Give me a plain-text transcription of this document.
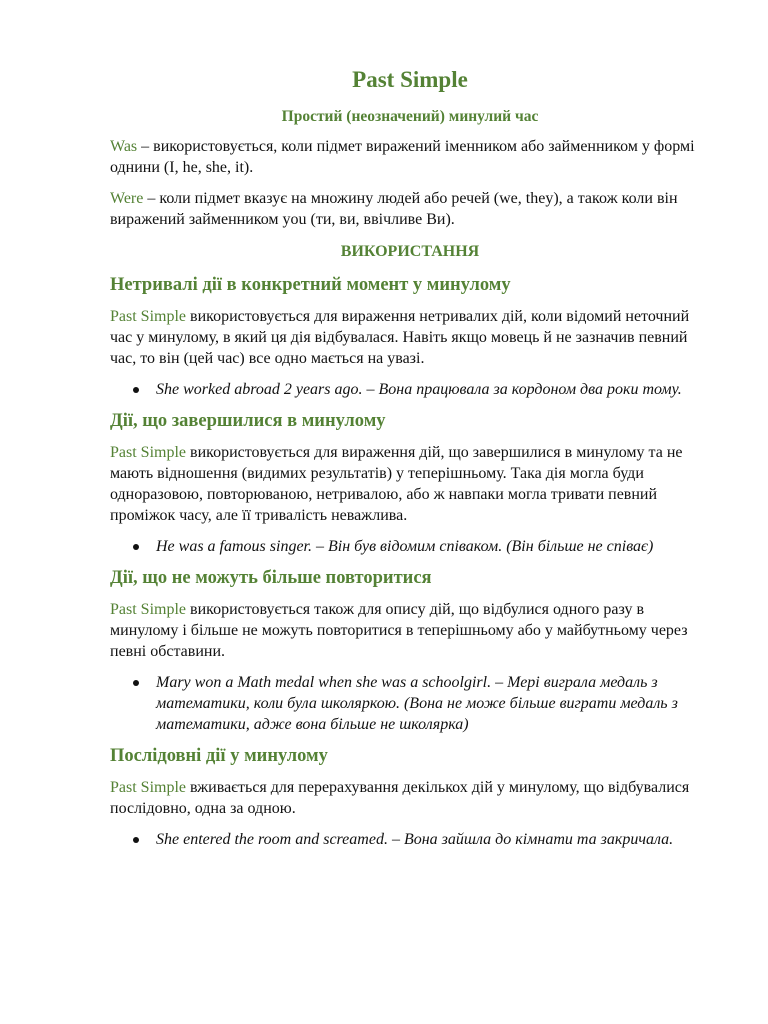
Past Simple
Простий (неозначений) минулий час

Was – використовується, коли підмет виражений іменником або займенником у формі однини (I, he, she, it).

Were – коли підмет вказує на множину людей або речей (we, they), а також коли він виражений займенником you (ти, ви, ввічливе Ви).

ВИКОРИСТАННЯ
Нетривалі дії в конкретний момент у минулому

Past Simple використовується для вираження нетривалих дій, коли відомий неточний час у минулому, в який ця дія відбувалася. Навіть якщо мовець й не зазначив певний час, то він (цей час) все одно мається на увазі.

She worked abroad 2 years ago. – Вона працювала за кордоном два роки тому.
Дії, що завершилися в минулому

Past Simple використовується для вираження дій, що завершилися в минулому та не мають відношення (видимих результатів) у теперішньому. Така дія могла буди одноразовою, повторюваною, нетривалою, або ж навпаки могла тривати певний проміжок часу, але її тривалість неважлива.

He was a famous singer. – Він був відомим співаком. (Він більше не співає)
Дії, що не можуть більше повторитися

Past Simple використовується також для опису дій, що відбулися одного разу в минулому і більше не можуть повторитися в теперішньому або у майбутньому через певні обставини.

Mary won a Math medal when she was a schoolgirl. – Мері виграла медаль з математики, коли була школяркою. (Вона не може більше виграти медаль з математики, адже вона більше не школярка)
Послідовні дії у минулому

Past Simple вживається для перерахування декількох дій у минулому, що відбувалися послідовно, одна за одною.

She entered the room and screamed. – Вона зайшла до кімнати та закричала.
